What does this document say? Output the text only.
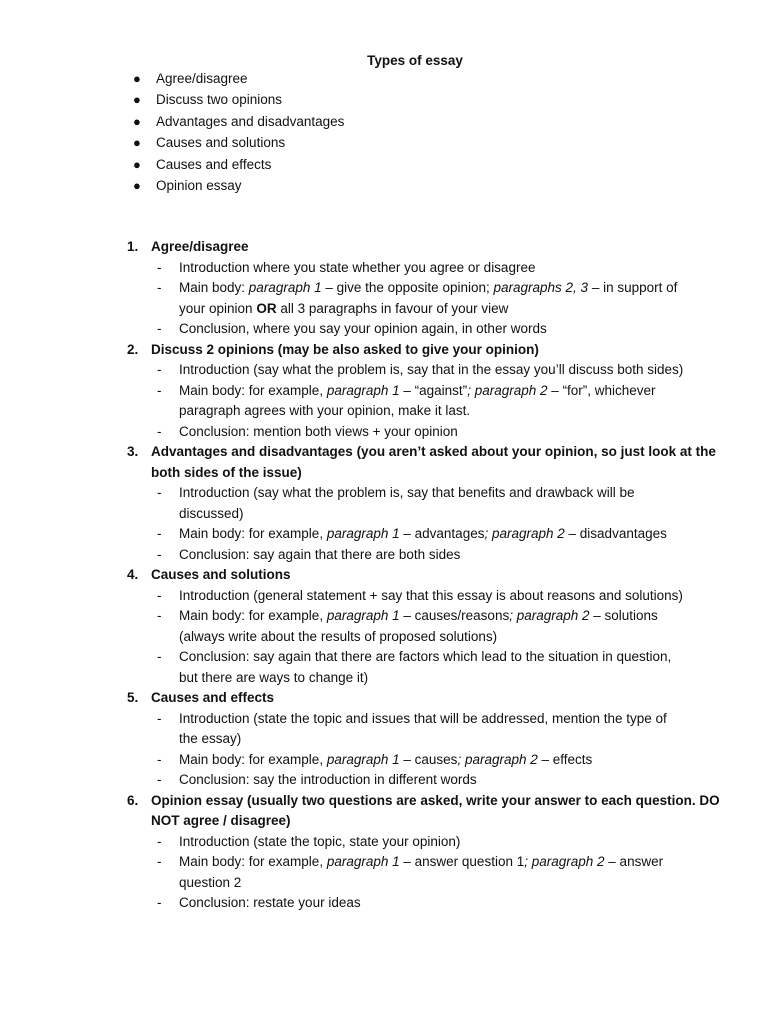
Types of essay
● Agree/disagree
● Discuss two opinions
● Advantages and disadvantages
● Causes and solutions
● Causes and effects
● Opinion essay
1. Agree/disagree
- Introduction where you state whether you agree or disagree
- Main body: paragraph 1 – give the opposite opinion; paragraphs 2, 3 – in support of
your opinion OR all 3 paragraphs in favour of your view
- Conclusion, where you say your opinion again, in other words
2. Discuss 2 opinions (may be also asked to give your opinion)
- Introduction (say what the problem is, say that in the essay you’ll discuss both sides)
- Main body: for example, paragraph 1 – “against”; paragraph 2 – “for”, whichever
paragraph agrees with your opinion, make it last.
- Conclusion: mention both views + your opinion
3. Advantages and disadvantages (you aren’t asked about your opinion, so just look at the
both sides of the issue)
- Introduction (say what the problem is, say that benefits and drawback will be
discussed)
- Main body: for example, paragraph 1 – advantages; paragraph 2 – disadvantages
- Conclusion: say again that there are both sides
4. Causes and solutions
- Introduction (general statement + say that this essay is about reasons and solutions)
- Main body: for example, paragraph 1 – causes/reasons; paragraph 2 – solutions
(always write about the results of proposed solutions)
- Conclusion: say again that there are factors which lead to the situation in question,
but there are ways to change it)
5. Causes and effects
- Introduction (state the topic and issues that will be addressed, mention the type of
the essay)
- Main body: for example, paragraph 1 – causes; paragraph 2 – effects
- Conclusion: say the introduction in different words
6. Opinion essay (usually two questions are asked, write your answer to each question. DO
NOT agree / disagree)
- Introduction (state the topic, state your opinion)
- Main body: for example, paragraph 1 – answer question 1; paragraph 2 – answer
question 2
- Conclusion: restate your ideas
